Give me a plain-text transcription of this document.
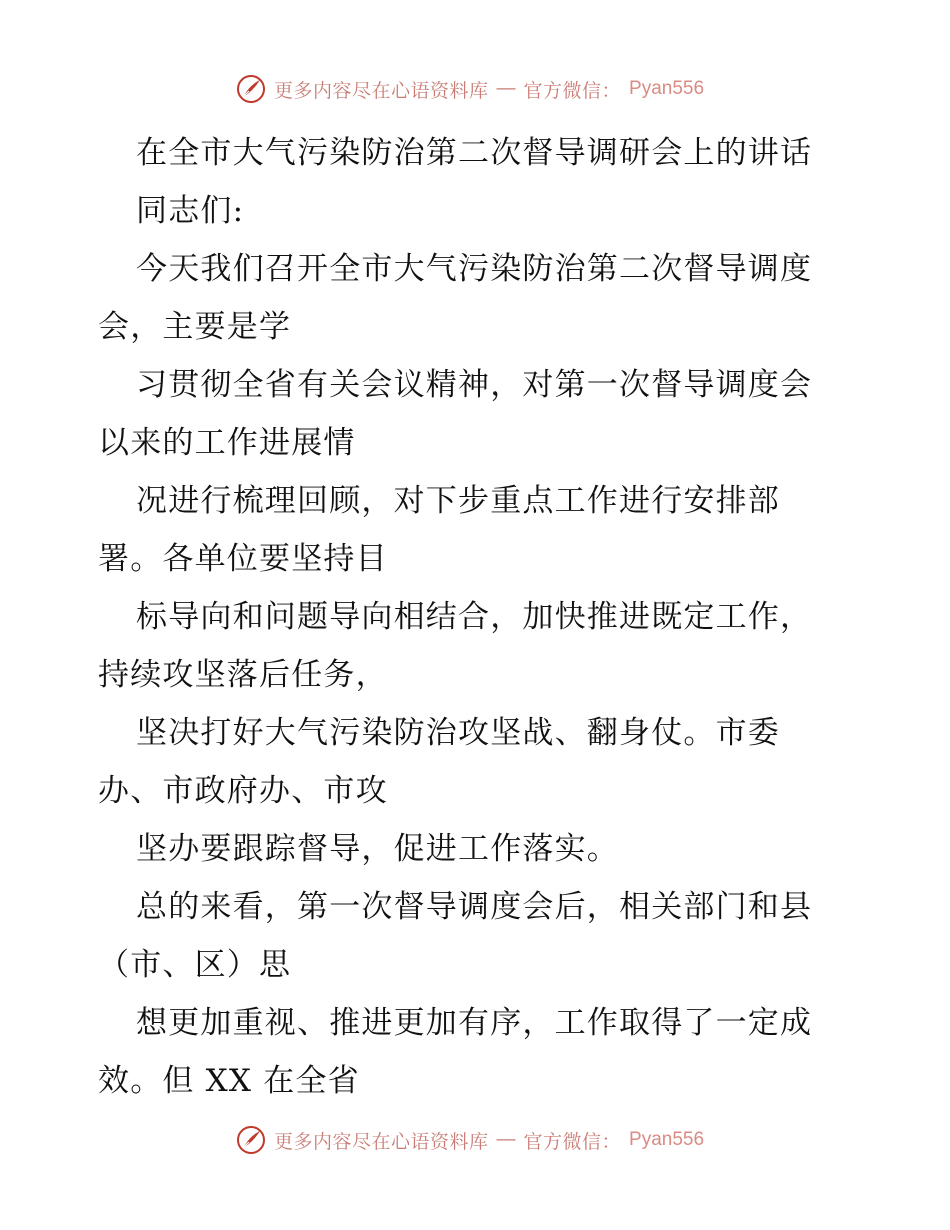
更多内容尽在心语资料库 — 官方微信： Pyan556
在全市大气污染防治第二次督导调研会上的讲话
同志们:
今天我们召开全市大气污染防治第二次督导调度
会，主要是学
习贯彻全省有关会议精神，对第一次督导调度会
以来的工作进展情
况进行梳理回顾，对下步重点工作进行安排部
署。各单位要坚持目
标导向和问题导向相结合，加快推进既定工作，
持续攻坚落后任务，
坚决打好大气污染防治攻坚战、翻身仗。市委
办、市政府办、市攻
坚办要跟踪督导，促进工作落实。
总的来看，第一次督导调度会后，相关部门和县
（市、区）思
想更加重视、推进更加有序，工作取得了一定成
效。但 XX 在全省
更多内容尽在心语资料库 — 官方微信： Pyan556
